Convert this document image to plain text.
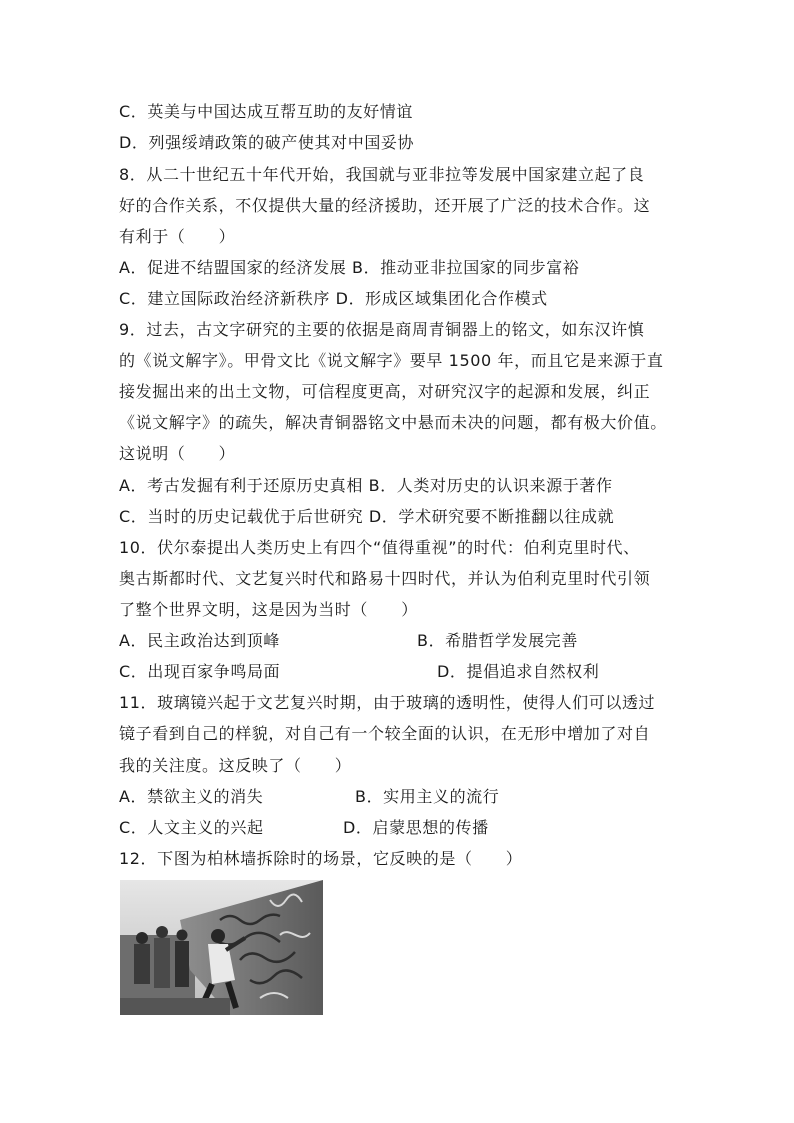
C．英美与中国达成互帮互助的友好情谊
D．列强绥靖政策的破产使其对中国妥协
8．从二十世纪五十年代开始，我国就与亚非拉等发展中国家建立起了良
好的合作关系，不仅提供大量的经济援助，还开展了广泛的技术合作。这
有利于（　　）
A．促进不结盟国家的经济发展 B．推动亚非拉国家的同步富裕
C．建立国际政治经济新秩序 D．形成区域集团化合作模式
9．过去，古文字研究的主要的依据是商周青铜器上的铭文，如东汉许慎
的《说文解字》。甲骨文比《说文解字》要早 1500 年，而且它是来源于直
接发掘出来的出土文物，可信程度更高，对研究汉字的起源和发展，纠正
《说文解字》的疏失，解决青铜器铭文中悬而未决的问题，都有极大价值。
这说明（　　）
A．考古发掘有利于还原历史真相 B．人类对历史的认识来源于著作
C．当时的历史记载优于后世研究 D．学术研究要不断推翻以往成就
10．伏尔泰提出人类历史上有四个“值得重视”的时代：伯利克里时代、
奥古斯都时代、文艺复兴时代和路易十四时代，并认为伯利克里时代引领
了整个世界文明，这是因为当时（　　）
A．民主政治达到顶峰	B．希腊哲学发展完善
C．出现百家争鸣局面	D．提倡追求自然权利
11．玻璃镜兴起于文艺复兴时期，由于玻璃的透明性，使得人们可以透过
镜子看到自己的样貌，对自己有一个较全面的认识，在无形中增加了对自
我的关注度。这反映了（　　）
A．禁欲主义的消失	B．实用主义的流行
C．人文主义的兴起	D．启蒙思想的传播
12．下图为柏林墙拆除时的场景，它反映的是（　　）
